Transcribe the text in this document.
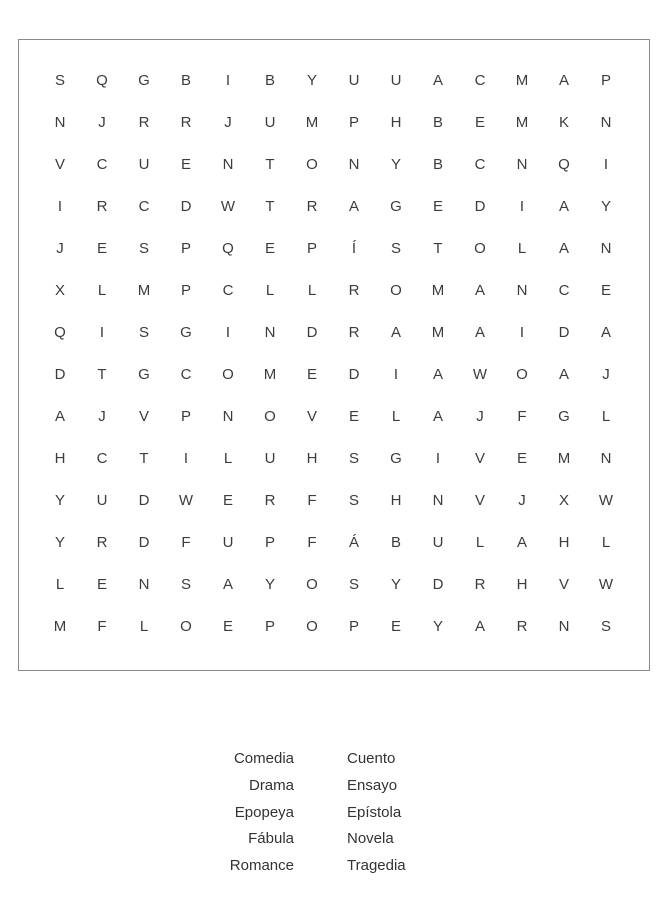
S	Q	G	B	I	B	Y	U	U	A	C	M	A	P
N	J	R	R	J	U	M	P	H	B	E	M	K	N
V	C	U	E	N	T	O	N	Y	B	C	N	Q	I
I	R	C	D	W	T	R	A	G	E	D	I	A	Y
J	E	S	P	Q	E	P	Í	S	T	O	L	A	N
X	L	M	P	C	L	L	R	O	M	A	N	C	E
Q	I	S	G	I	N	D	R	A	M	A	I	D	A
D	T	G	C	O	M	E	D	I	A	W	O	A	J
A	J	V	P	N	O	V	E	L	A	J	F	G	L
H	C	T	I	L	U	H	S	G	I	V	E	M	N
Y	U	D	W	E	R	F	S	H	N	V	J	X	W
Y	R	D	F	U	P	F	Á	B	U	L	A	H	L
L	E	N	S	A	Y	O	S	Y	D	R	H	V	W
M	F	L	O	E	P	O	P	E	Y	A	R	N	S
Comedia
Drama
Epopeya
Fábula
Romance
Cuento
Ensayo
Epístola
Novela
Tragedia
